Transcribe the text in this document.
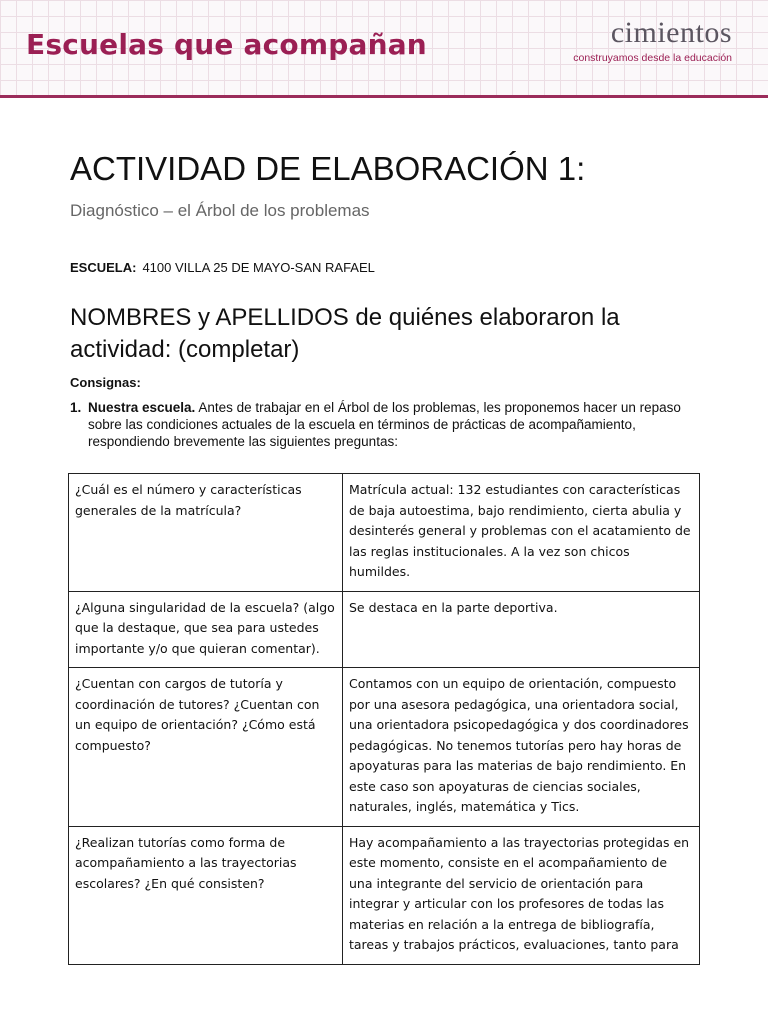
Escuelas que acompañan	cimientos
construyamos desde la educación
ACTIVIDAD DE ELABORACIÓN 1:
Diagnóstico – el Árbol de los problemas
ESCUELA: 4100 VILLA 25 DE MAYO-SAN RAFAEL
NOMBRES y APELLIDOS de quiénes elaboraron la actividad: (completar)
Consignas:
1. Nuestra escuela. Antes de trabajar en el Árbol de los problemas, les proponemos hacer un repaso sobre las condiciones actuales de la escuela en términos de prácticas de acompañamiento, respondiendo brevemente las siguientes preguntas:
¿Cuál es el número y características generales de la matrícula?	Matrícula actual: 132 estudiantes con características de baja autoestima, bajo rendimiento, cierta abulia y desinterés general y problemas con el acatamiento de las reglas institucionales. A la vez son chicos humildes.
¿Alguna singularidad de la escuela? (algo que la destaque, que sea para ustedes importante y/o que quieran comentar).	Se destaca en la parte deportiva.
¿Cuentan con cargos de tutoría y coordinación de tutores? ¿Cuentan con un equipo de orientación? ¿Cómo está compuesto?	Contamos con un equipo de orientación, compuesto por una asesora pedagógica, una orientadora social, una orientadora psicopedagógica y dos coordinadores pedagógicas. No tenemos tutorías pero hay horas de apoyaturas para las materias de bajo rendimiento. En este caso son apoyaturas de ciencias sociales, naturales, inglés, matemática y Tics.
¿Realizan tutorías como forma de acompañamiento a las trayectorias escolares? ¿En qué consisten?	Hay acompañamiento a las trayectorias protegidas en este momento, consiste en el acompañamiento de una integrante del servicio de orientación para integrar y articular con los profesores de todas las materias en relación a la entrega de bibliografía, tareas y trabajos prácticos, evaluaciones, tanto para
